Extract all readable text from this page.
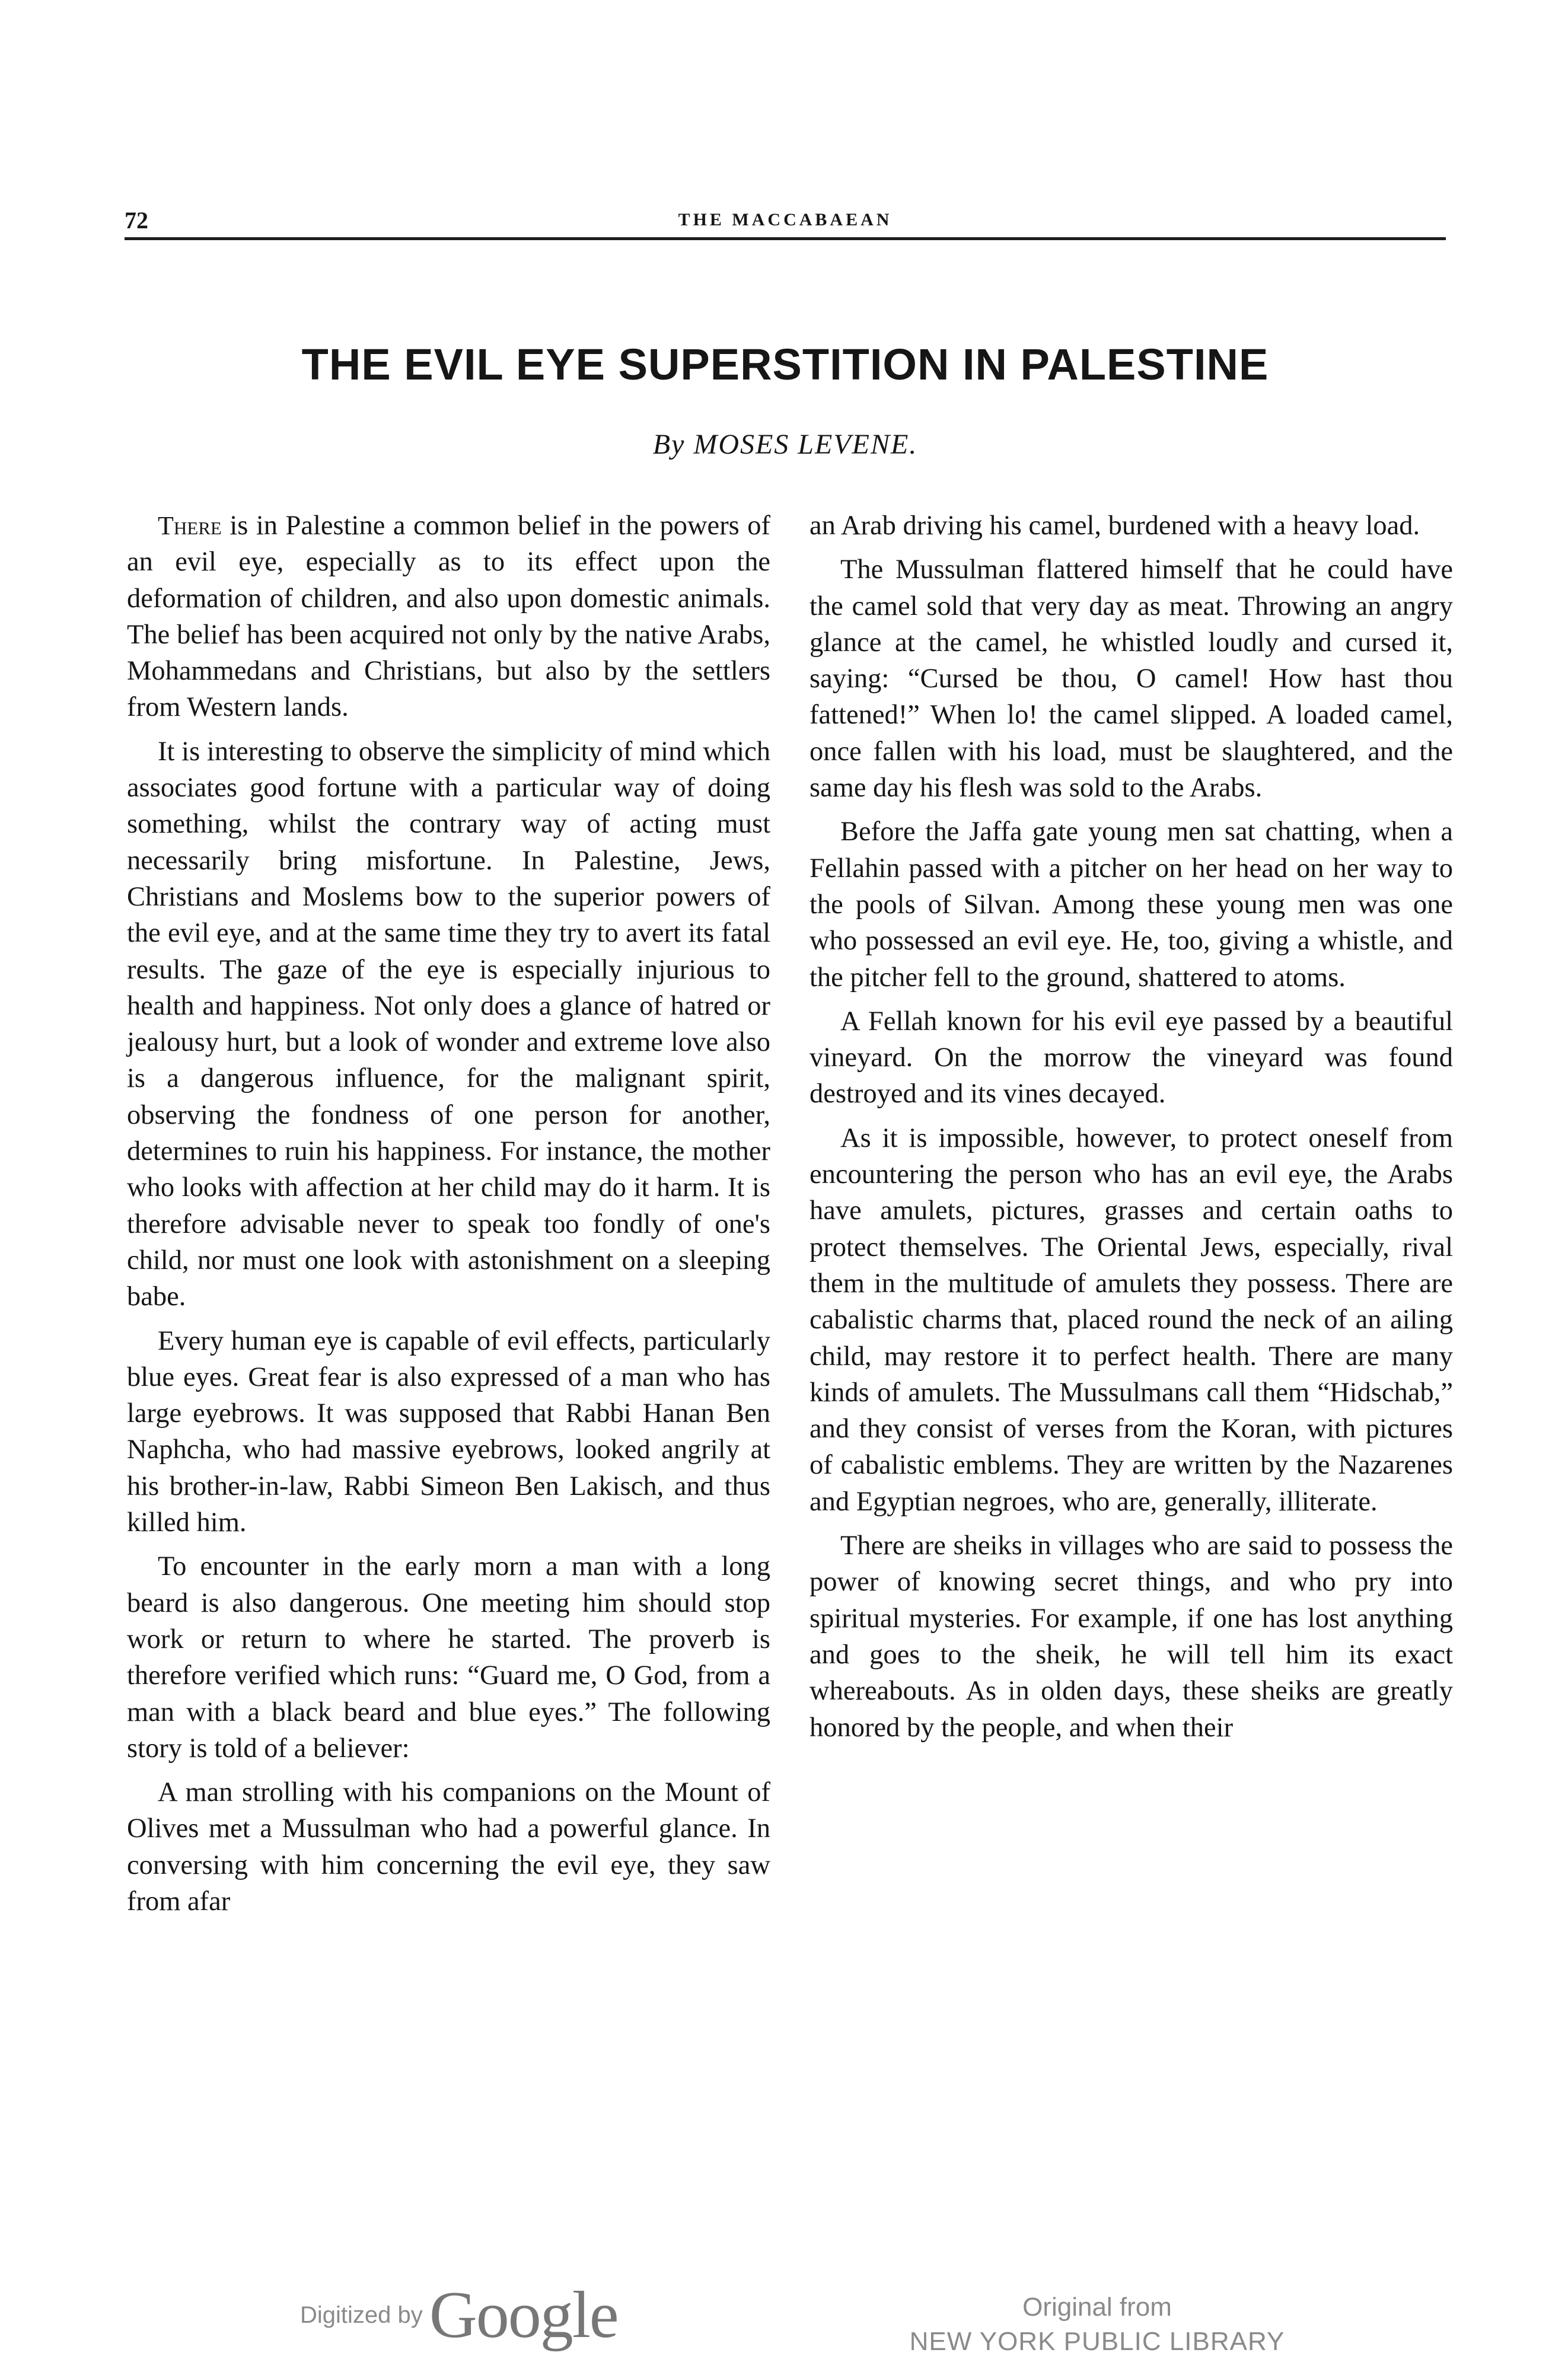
72	THE MACCABAEAN
THE EVIL EYE SUPERSTITION IN PALESTINE

By MOSES LEVENE.

There is in Palestine a common belief in the powers of an evil eye, especially as to its effect upon the deformation of children, and also upon domestic animals. The belief has been acquired not only by the native Arabs, Mohammedans and Christians, but also by the settlers from Western lands.

It is interesting to observe the simplicity of mind which associates good fortune with a particular way of doing something, whilst the contrary way of acting must necessarily bring misfortune. In Palestine, Jews, Christians and Moslems bow to the superior powers of the evil eye, and at the same time they try to avert its fatal results. The gaze of the eye is especially injurious to health and happiness. Not only does a glance of hatred or jealousy hurt, but a look of wonder and extreme love also is a dangerous influence, for the malignant spirit, observing the fondness of one person for another, determines to ruin his happiness. For instance, the mother who looks with affection at her child may do it harm. It is therefore advisable never to speak too fondly of one's child, nor must one look with astonishment on a sleeping babe.

Every human eye is capable of evil effects, particularly blue eyes. Great fear is also expressed of a man who has large eyebrows. It was supposed that Rabbi Hanan Ben Naphcha, who had massive eyebrows, looked angrily at his brother-in-law, Rabbi Simeon Ben Lakisch, and thus killed him.

To encounter in the early morn a man with a long beard is also dangerous. One meeting him should stop work or return to where he started. The proverb is therefore verified which runs: “Guard me, O God, from a man with a black beard and blue eyes.” The following story is told of a believer:

A man strolling with his companions on the Mount of Olives met a Mussulman who had a powerful glance. In conversing with him concerning the evil eye, they saw from afar

an Arab driving his camel, burdened with a heavy load.

The Mussulman flattered himself that he could have the camel sold that very day as meat. Throwing an angry glance at the camel, he whistled loudly and cursed it, saying: “Cursed be thou, O camel! How hast thou fattened!” When lo! the camel slipped. A loaded camel, once fallen with his load, must be slaughtered, and the same day his flesh was sold to the Arabs.

Before the Jaffa gate young men sat chatting, when a Fellahin passed with a pitcher on her head on her way to the pools of Silvan. Among these young men was one who possessed an evil eye. He, too, giving a whistle, and the pitcher fell to the ground, shattered to atoms.

A Fellah known for his evil eye passed by a beautiful vineyard. On the morrow the vineyard was found destroyed and its vines decayed.

As it is impossible, however, to protect oneself from encountering the person who has an evil eye, the Arabs have amulets, pictures, grasses and certain oaths to protect themselves. The Oriental Jews, especially, rival them in the multitude of amulets they possess. There are cabalistic charms that, placed round the neck of an ailing child, may restore it to perfect health. There are many kinds of amulets. The Mussulmans call them “Hidschab,” and they consist of verses from the Koran, with pictures of cabalistic emblems. They are written by the Nazarenes and Egyptian negroes, who are, generally, illiterate.

There are sheiks in villages who are said to possess the power of knowing secret things, and who pry into spiritual mysteries. For example, if one has lost anything and goes to the sheik, he will tell him its exact whereabouts. As in olden days, these sheiks are greatly honored by the people, and when their

Digitized by Google	Original from
NEW YORK PUBLIC LIBRARY
